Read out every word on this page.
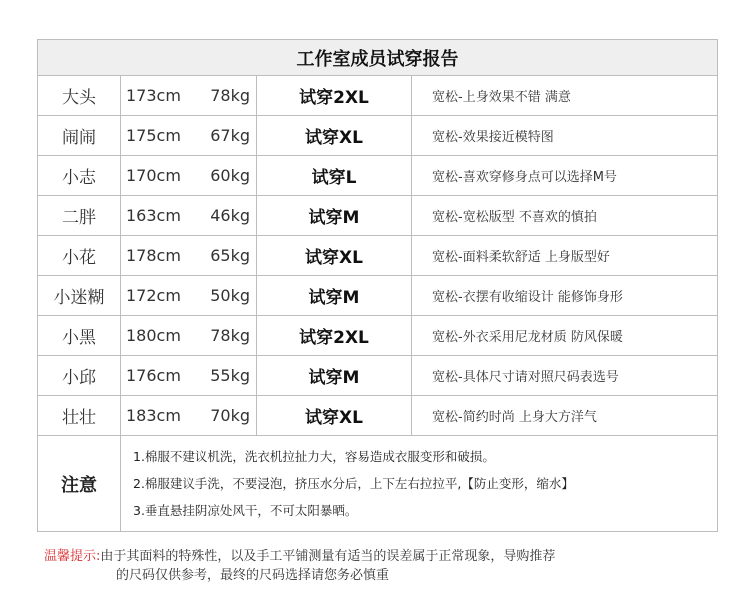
工作室成员试穿报告			
大头	173cm 78kg	试穿2XL	宽松-上身效果不错 满意
闹闹	175cm 67kg	试穿XL	宽松-效果接近模特图
小志	170cm 60kg	试穿L	宽松-喜欢穿修身点可以选择M号
二胖	163cm 46kg	试穿M	宽松-宽松版型 不喜欢的慎拍
小花	178cm 65kg	试穿XL	宽松-面料柔软舒适 上身版型好
小迷糊	172cm 50kg	试穿M	宽松-衣摆有收缩设计 能修饰身形
小黑	180cm 78kg	试穿2XL	宽松-外衣采用尼龙材质 防风保暖
小邱	176cm 55kg	试穿M	宽松-具体尺寸请对照尺码表选号
壮壮	183cm 70kg	试穿XL	宽松-简约时尚 上身大方洋气
注意	1.棉服不建议机洗，洗衣机拉扯力大，容易造成衣服变形和破损。

2.棉服建议手洗，不要浸泡，挤压水分后，上下左右拉拉平,【防止变形，缩水】

3.垂直悬挂阴凉处风干，不可太阳暴晒。		

温馨提示:由于其面料的特殊性，以及手工平铺测量有适当的误差属于正常现象，导购推荐
的尺码仅供参考，最终的尺码选择请您务必慎重
